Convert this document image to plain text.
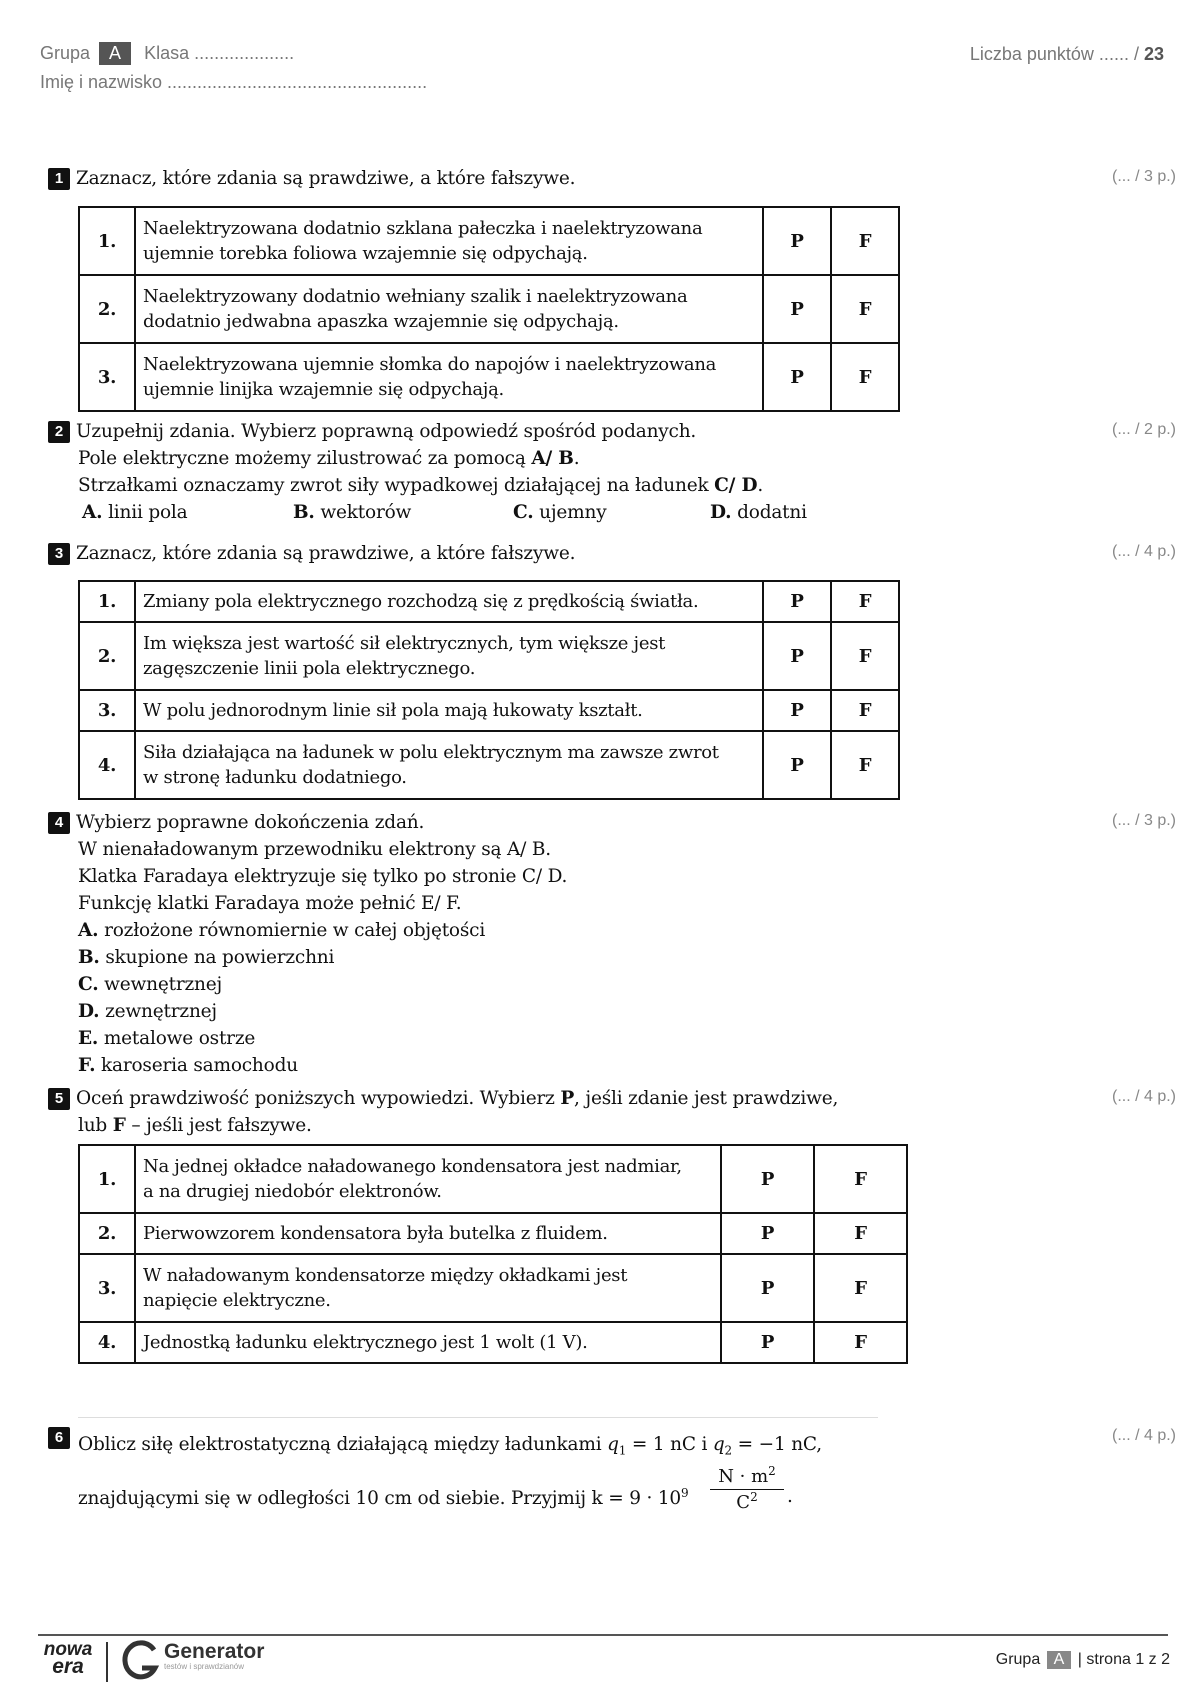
Grupa A Klasa ....................
Imię i nazwisko ....................................................
Liczba punktów ...... / 23
1 Zaznacz, które zdania są prawdziwe, a które fałszywe.	(... / 3 p.)
1.	Naelektryzowana dodatnio szklana pałeczka i naelektryzowana
ujemnie torebka foliowa wzajemnie się odpychają.	P	F
2.	Naelektryzowany dodatnio wełniany szalik i naelektryzowana
dodatnio jedwabna apaszka wzajemnie się odpychają.	P	F
3.	Naelektryzowana ujemnie słomka do napojów i naelektryzowana
ujemnie linijka wzajemnie się odpychają.	P	F
2 Uzupełnij zdania. Wybierz poprawną odpowiedź spośród podanych.	(... / 2 p.)
Pole elektryczne możemy zilustrować za pomocą A/ B.
Strzałkami oznaczamy zwrot siły wypadkowej działającej na ładunek C/ D.
A. linii pola	B. wektorów	C. ujemny	D. dodatni
3 Zaznacz, które zdania są prawdziwe, a które fałszywe.	(... / 4 p.)
1.	Zmiany pola elektrycznego rozchodzą się z prędkością światła.	P	F
2.	Im większa jest wartość sił elektrycznych, tym większe jest
zagęszczenie linii pola elektrycznego.	P	F
3.	W polu jednorodnym linie sił pola mają łukowaty kształt.	P	F
4.	Siła działająca na ładunek w polu elektrycznym ma zawsze zwrot
w stronę ładunku dodatniego.	P	F
4 Wybierz poprawne dokończenia zdań.	(... / 3 p.)
W nienaładowanym przewodniku elektrony są A/ B.
Klatka Faradaya elektryzuje się tylko po stronie C/ D.
Funkcję klatki Faradaya może pełnić E/ F.
A. rozłożone równomiernie w całej objętości
B. skupione na powierzchni
C. wewnętrznej
D. zewnętrznej
E. metalowe ostrze
F. karoseria samochodu
5 Oceń prawdziwość poniższych wypowiedzi. Wybierz P, jeśli zdanie jest prawdziwe,
lub F – jeśli jest fałszywe.
(... / 4 p.)
1.	Na jednej okładce naładowanego kondensatora jest nadmiar,
a na drugiej niedobór elektronów.	P	F
2.	Pierwowzorem kondensatora była butelka z fluidem.	P	F
3.	W naładowanym kondensatorze między okładkami jest
napięcie elektryczne.	P	F
4.	Jednostką ładunku elektrycznego jest 1 wolt (1 V).	P	F
6	(... / 4 p.)
Oblicz siłę elektrostatyczną działającą między ładunkami $q_1 = 1$ nC i $q_2 = -1$ nC,
znajdującymi się w odległości 10 cm od siebie. Przyjmij $k = 9 \cdot 10^9 \frac{N \cdot m^2}{C^2}$ .
nowa
era
Generator
testów i sprawdzianów	Grupa A | strona 1 z 2
